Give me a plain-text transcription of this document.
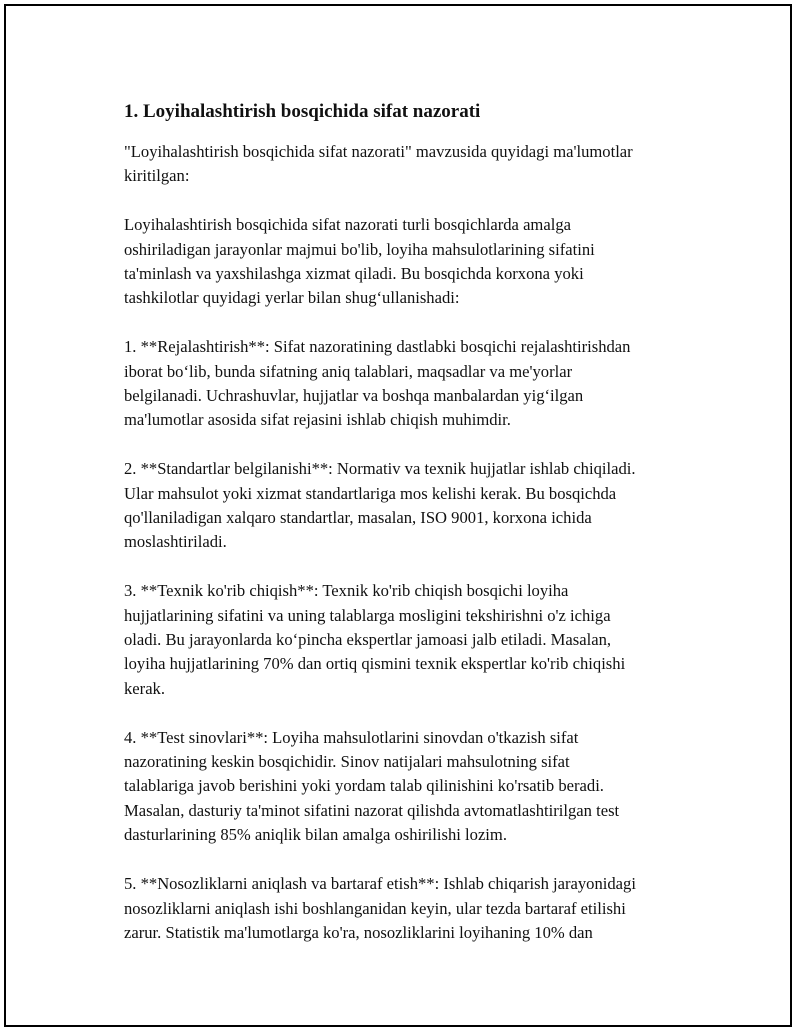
1. Loyihalashtirish bosqichida sifat nazorati
"Loyihalashtirish bosqichida sifat nazorati" mavzusida quyidagi ma'lumotlar
kiritilgan:
Loyihalashtirish bosqichida sifat nazorati turli bosqichlarda amalga
oshiriladigan jarayonlar majmui bo'lib, loyiha mahsulotlarining sifatini
ta'minlash va yaxshilashga xizmat qiladi. Bu bosqichda korxona yoki
tashkilotlar quyidagi yerlar bilan shug‘ullanishadi:
1. **Rejalashtirish**: Sifat nazoratining dastlabki bosqichi rejalashtirishdan
iborat bo‘lib, bunda sifatning aniq talablari, maqsadlar va me'yorlar
belgilanadi. Uchrashuvlar, hujjatlar va boshqa manbalardan yig‘ilgan
ma'lumotlar asosida sifat rejasini ishlab chiqish muhimdir.
2. **Standartlar belgilanishi**: Normativ va texnik hujjatlar ishlab chiqiladi.
Ular mahsulot yoki xizmat standartlariga mos kelishi kerak. Bu bosqichda
qo'llaniladigan xalqaro standartlar, masalan, ISO 9001, korxona ichida
moslashtiriladi.
3. **Texnik ko'rib chiqish**: Texnik ko'rib chiqish bosqichi loyiha
hujjatlarining sifatini va uning talablarga mosligini tekshirishni o'z ichiga
oladi. Bu jarayonlarda ko‘pincha ekspertlar jamoasi jalb etiladi. Masalan,
loyiha hujjatlarining 70% dan ortiq qismini texnik ekspertlar ko'rib chiqishi
kerak.
4. **Test sinovlari**: Loyiha mahsulotlarini sinovdan o'tkazish sifat
nazoratining keskin bosqichidir. Sinov natijalari mahsulotning sifat
talablariga javob berishini yoki yordam talab qilinishini ko'rsatib beradi.
Masalan, dasturiy ta'minot sifatini nazorat qilishda avtomatlashtirilgan test
dasturlarining 85% aniqlik bilan amalga oshirilishi lozim.
5. **Nosozliklarni aniqlash va bartaraf etish**: Ishlab chiqarish jarayonidagi
nosozliklarni aniqlash ishi boshlanganidan keyin, ular tezda bartaraf etilishi
zarur. Statistik ma'lumotlarga ko'ra, nosozliklarini loyihaning 10% dan
